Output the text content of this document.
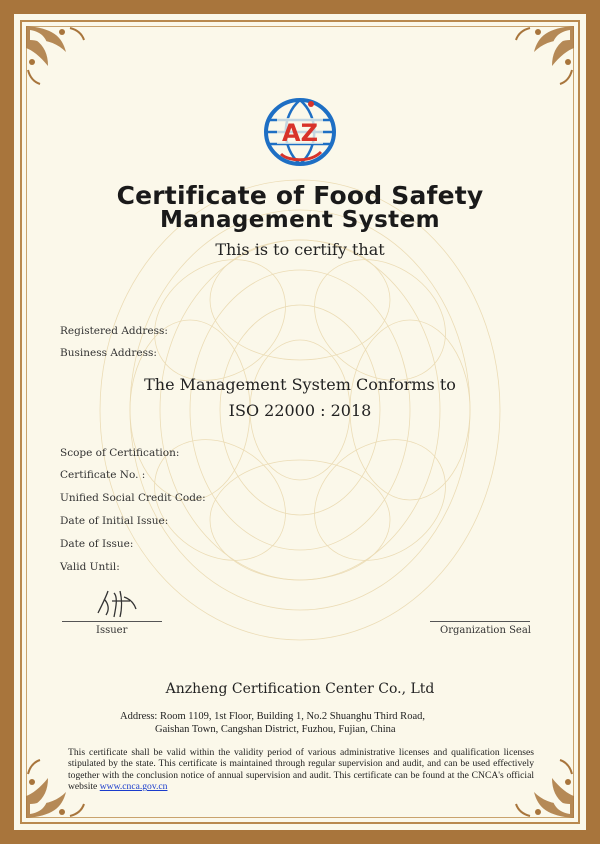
AZ
Certificate of Food Safety
Management System
This is to certify that
Registered Address:
Business Address:
The Management System Conforms to
ISO 22000 : 2018
Scope of Certification:
Certificate No. :
Unified Social Credit Code:
Date of Initial Issue:
Date of Issue:
Valid Until:
Issuer	Organization Seal
Anzheng Certification Center Co., Ltd
Address: Room 1109, 1st Floor, Building 1, No.2 Shuanghu Third Road,
Gaishan Town, Cangshan District, Fuzhou, Fujian, China
This certificate shall be valid within the validity period of various administrative licenses and qualification licenses stipulated by the state. This certificate is maintained through regular supervision and audit, and can be used effectively together with the conclusion notice of annual supervision and audit. This certificate can be found at the CNCA's official website www.cnca.gov.cn
